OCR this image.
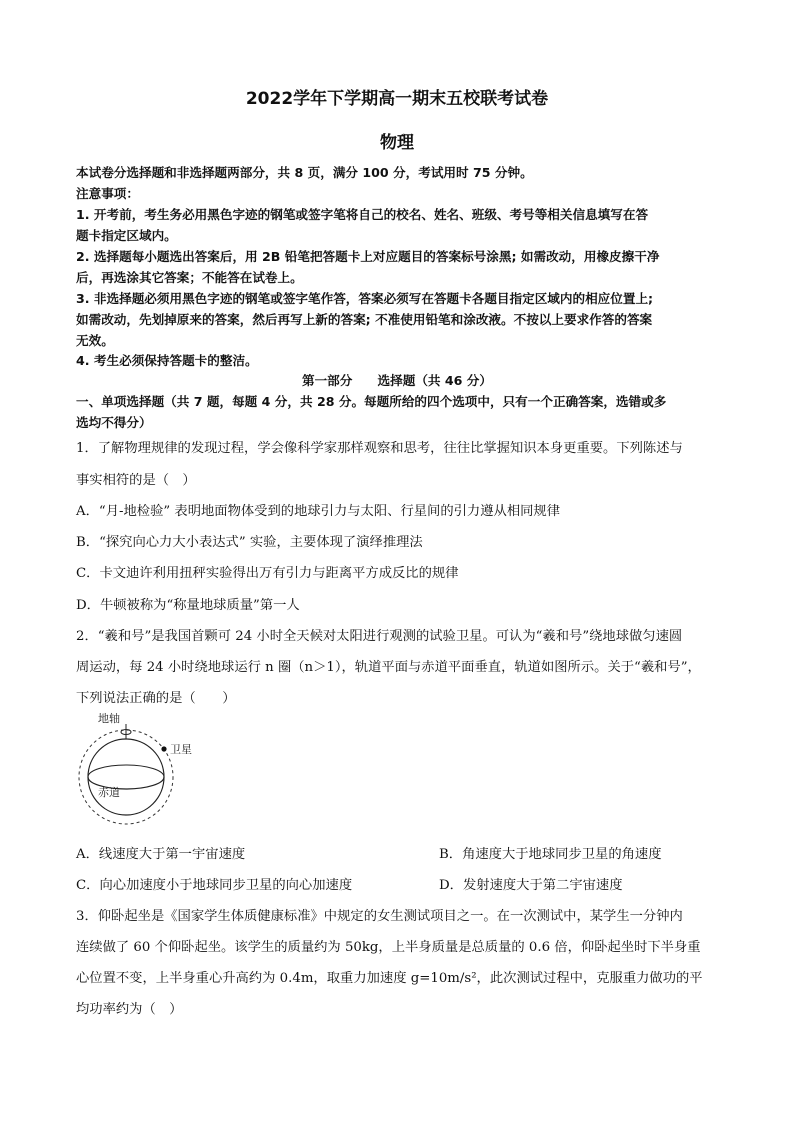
2022学年下学期高一期末五校联考试卷
物理
本试卷分选择题和非选择题两部分，共 8 页，满分 100 分，考试用时 75 分钟。
注意事项：
1. 开考前，考生务必用黑色字迹的钢笔或签字笔将自己的校名、姓名、班级、考号等相关信息填写在答
题卡指定区域内。
2. 选择题每小题选出答案后，用 2B 铅笔把答题卡上对应题目的答案标号涂黑; 如需改动，用橡皮擦干净
后，再选涂其它答案；不能答在试卷上。
3. 非选择题必须用黑色字迹的钢笔或签字笔作答，答案必须写在答题卡各题目指定区域内的相应位置上;
如需改动，先划掉原来的答案，然后再写上新的答案; 不准使用铅笔和涂改液。不按以上要求作答的答案
无效。
4. 考生必须保持答题卡的整洁。
第一部分　　选择题（共 46 分）
一、单项选择题（共 7 题，每题 4 分，共 28 分。每题所给的四个选项中，只有一个正确答案，选错或多
选均不得分）
1．了解物理规律的发现过程，学会像科学家那样观察和思考，往往比掌握知识本身更重要。下列陈述与
事实相符的是（　）
A．“月-地检验” 表明地面物体受到的地球引力与太阳、行星间的引力遵从相同规律
B．“探究向心力大小表达式” 实验，主要体现了演绎推理法
C．卡文迪许利用扭秤实验得出万有引力与距离平方成反比的规律
D．牛顿被称为“称量地球质量”第一人
2．“羲和号”是我国首颗可 24 小时全天候对太阳进行观测的试验卫星。可认为“羲和号”绕地球做匀速圆
周运动，每 24 小时绕地球运行 n 圈（n＞1），轨道平面与赤道平面垂直，轨道如图所示。关于“羲和号”，
下列说法正确的是（　　）
地轴
卫星
赤道
A．线速度大于第一宇宙速度	B．角速度大于地球同步卫星的角速度
C．向心加速度小于地球同步卫星的向心加速度	D．发射速度大于第二宇宙速度
3．仰卧起坐是《国家学生体质健康标准》中规定的女生测试项目之一。在一次测试中，某学生一分钟内
连续做了 60 个仰卧起坐。该学生的质量约为 50kg，上半身质量是总质量的 0.6 倍，仰卧起坐时下半身重
心位置不变，上半身重心升高约为 0.4m，取重力加速度 g=10m/s²，此次测试过程中，克服重力做功的平
均功率约为（　）
